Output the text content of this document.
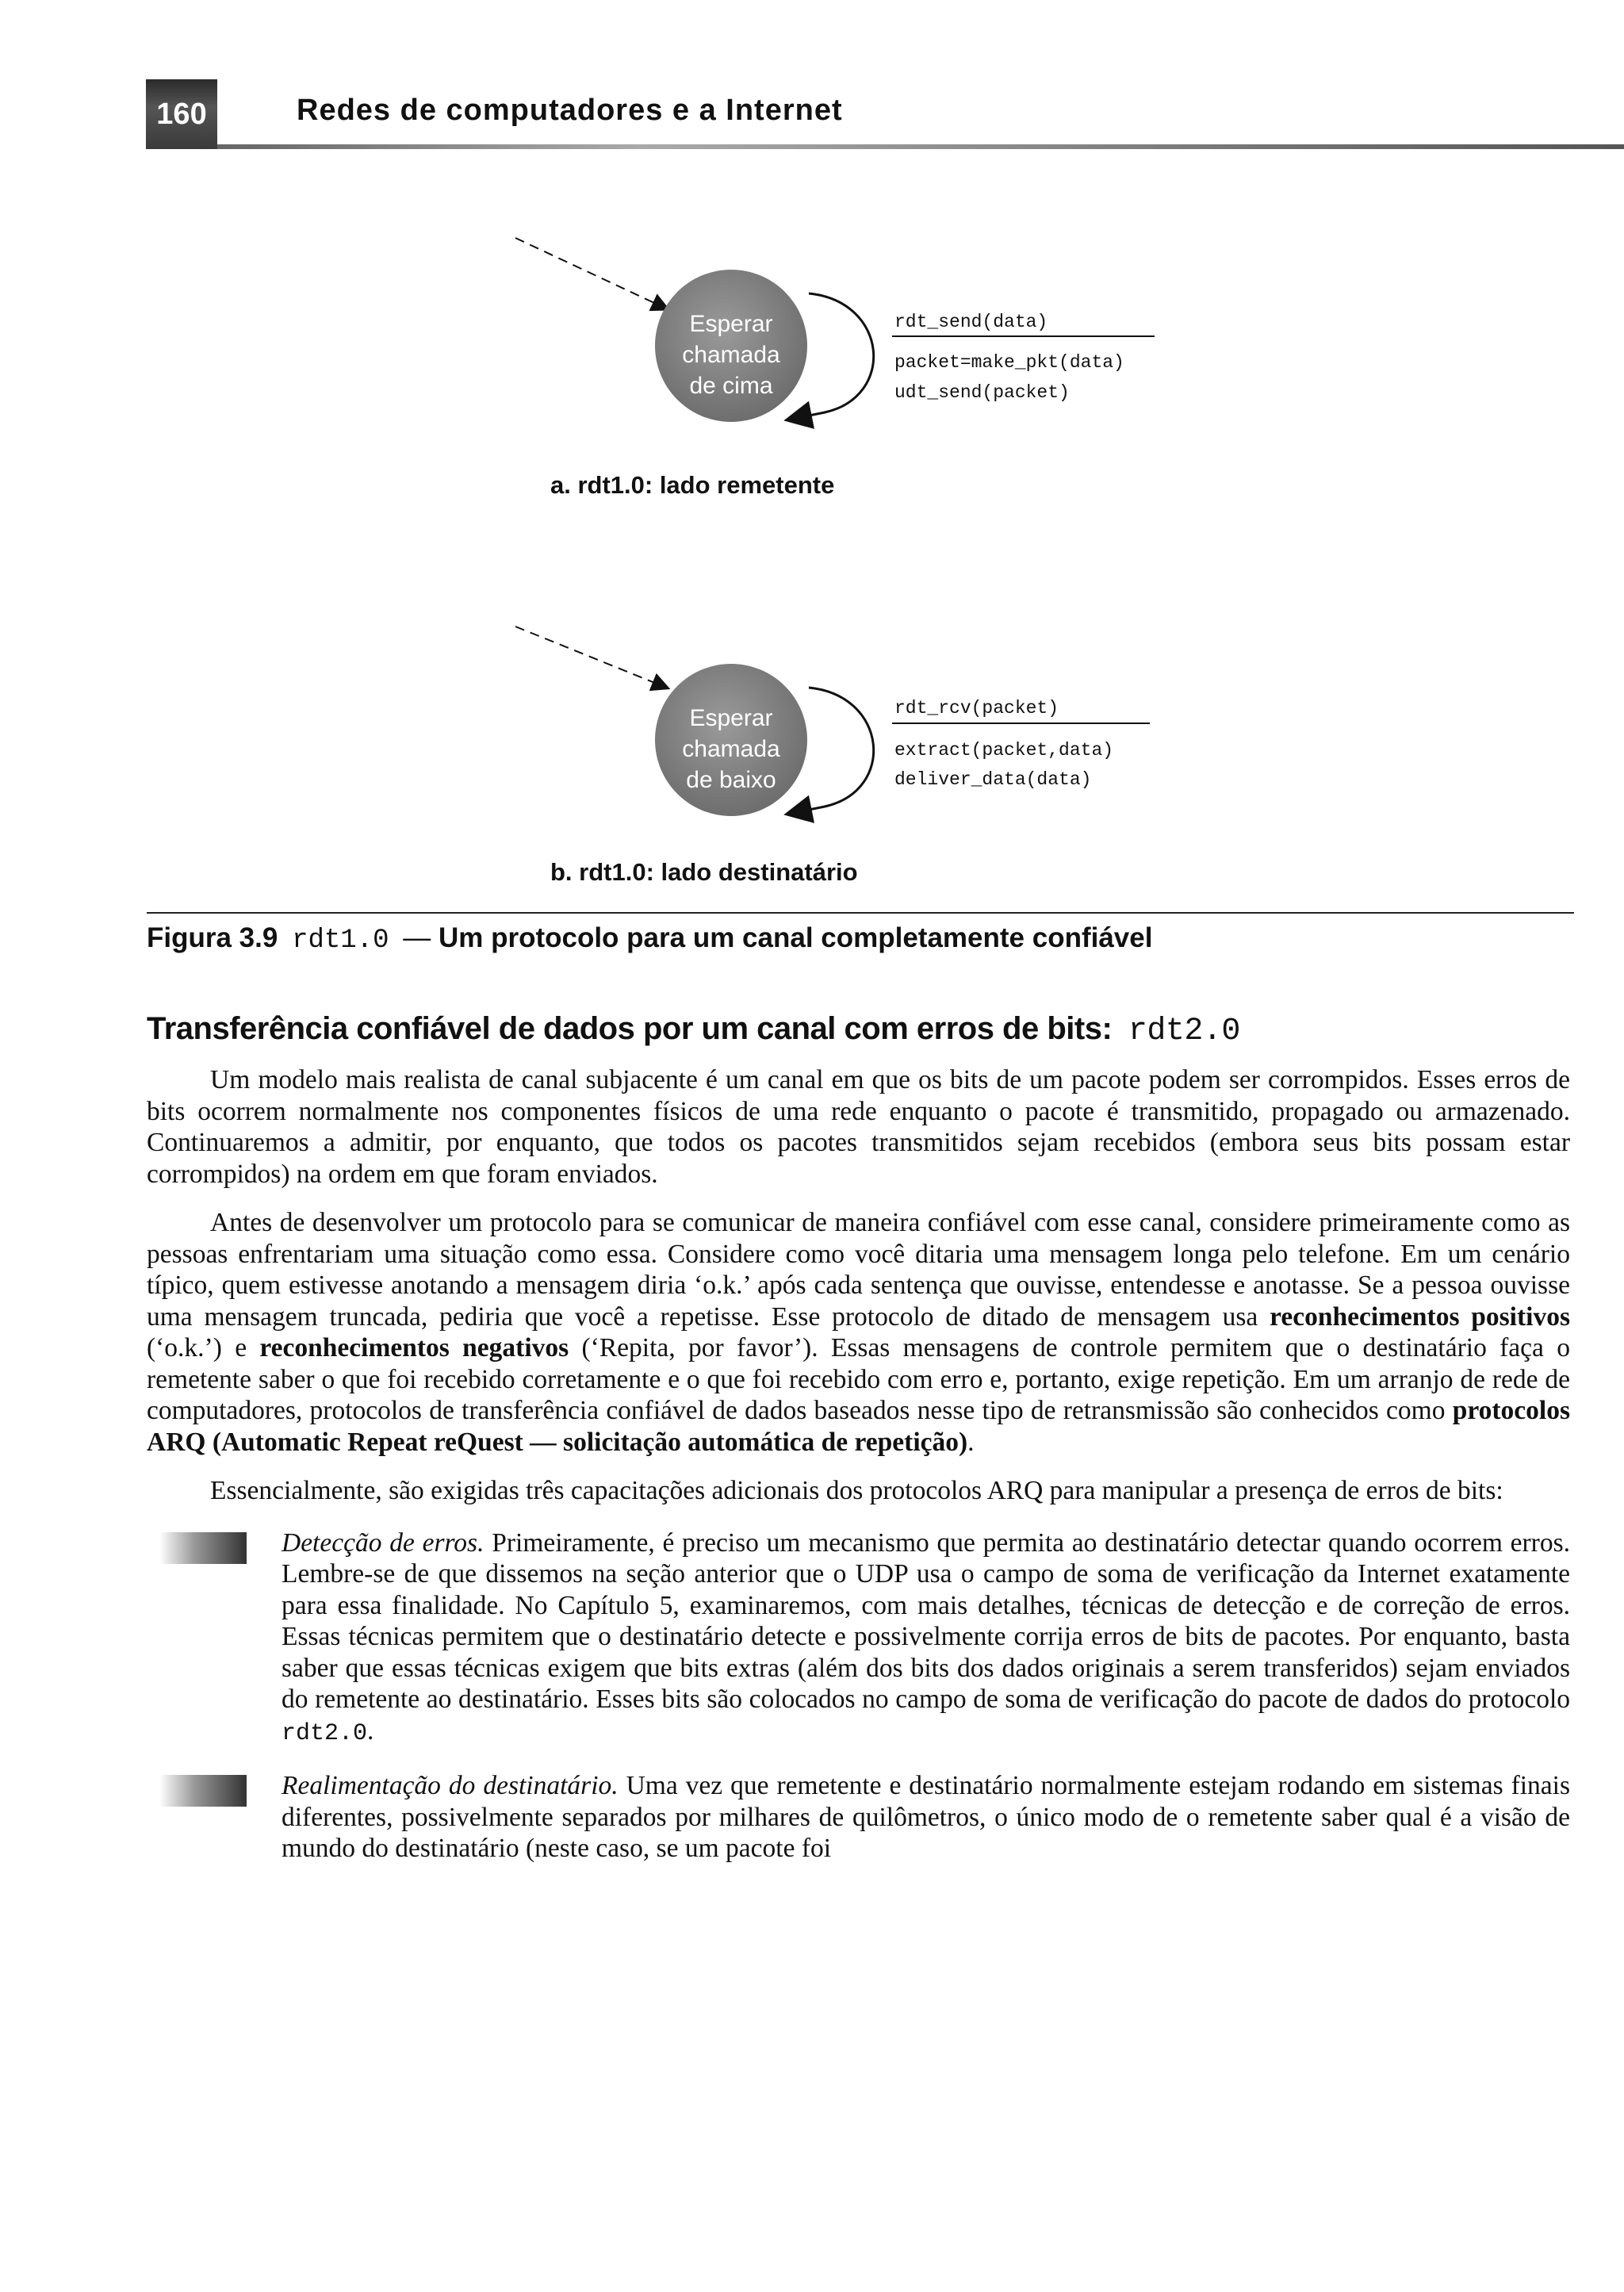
160	Redes de computadores e a Internet
Esperar
chamada
de cima
rdt_send(data)
packet=make_pkt(data)
udt_send(packet)
Esperar
chamada
de baixo
rdt_rcv(packet)
extract(packet,data)
deliver_data(data)
a. rdt1.0: lado remetente
b. rdt1.0: lado destinatário
Figura 3.9 rdt1.0 — Um protocolo para um canal completamente confiável
Transferência confiável de dados por um canal com erros de bits: rdt2.0

Um modelo mais realista de canal subjacente é um canal em que os bits de um pacote podem ser corrompidos. Esses erros de bits ocorrem normalmente nos componentes físicos de uma rede enquanto o pacote é transmitido, propagado ou armazenado. Continuaremos a admitir, por enquanto, que todos os pacotes transmitidos sejam recebidos (embora seus bits possam estar corrompidos) na ordem em que foram enviados.

Antes de desenvolver um protocolo para se comunicar de maneira confiável com esse canal, considere primeiramente como as pessoas enfrentariam uma situação como essa. Considere como você ditaria uma mensagem longa pelo telefone. Em um cenário típico, quem estivesse anotando a mensagem diria ‘o.k.’ após cada sentença que ouvisse, entendesse e anotasse. Se a pessoa ouvisse uma mensagem truncada, pediria que você a repetisse. Esse protocolo de ditado de mensagem usa reconhecimentos positivos (‘o.k.’) e reconhecimentos negativos (‘Repita, por favor’). Essas mensagens de controle permitem que o destinatário faça o remetente saber o que foi recebido corretamente e o que foi recebido com erro e, portanto, exige repetição. Em um arranjo de rede de computadores, protocolos de transferência confiável de dados baseados nesse tipo de retransmissão são conhecidos como protocolos ARQ (Automatic Repeat reQuest — solicitação automática de repetição).

Essencialmente, são exigidas três capacitações adicionais dos protocolos ARQ para manipular a presença de erros de bits:

Detecção de erros. Primeiramente, é preciso um mecanismo que permita ao destinatário detectar quando ocorrem erros. Lembre-se de que dissemos na seção anterior que o UDP usa o campo de soma de verificação da Internet exatamente para essa finalidade. No Capítulo 5, examinaremos, com mais detalhes, técnicas de detecção e de correção de erros. Essas técnicas permitem que o destinatário detecte e possivelmente corrija erros de bits de pacotes. Por enquanto, basta saber que essas técnicas exigem que bits extras (além dos bits dos dados originais a serem transferidos) sejam enviados do remetente ao destinatário. Esses bits são colocados no campo de soma de verificação do pacote de dados do protocolo rdt2.0.

Realimentação do destinatário. Uma vez que remetente e destinatário normalmente estejam rodando em sistemas finais diferentes, possivelmente separados por milhares de quilômetros, o único modo de o remetente saber qual é a visão de mundo do destinatário (neste caso, se um pacote foi
